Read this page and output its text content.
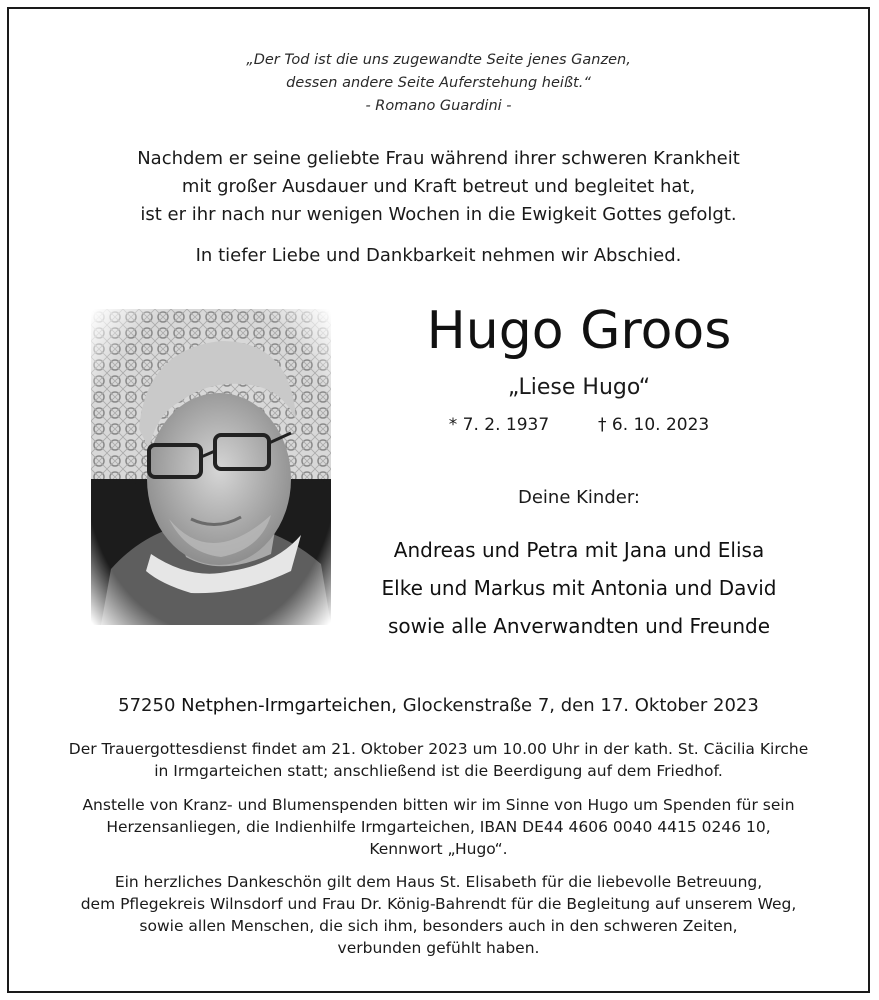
„Der Tod ist die uns zugewandte Seite jenes Ganzen,
dessen andere Seite Auferstehung heißt.“
- Romano Guardini -
Nachdem er seine geliebte Frau während ihrer schweren Krankheit
mit großer Ausdauer und Kraft betreut und begleitet hat,
ist er ihr nach nur wenigen Wochen in die Ewigkeit Gottes gefolgt.
In tiefer Liebe und Dankbarkeit nehmen wir Abschied.
Hugo Groos
„Liese Hugo“
* 7. 2. 1937	† 6. 10. 2023
Deine Kinder:
Andreas und Petra mit Jana und Elisa
Elke und Markus mit Antonia und David
sowie alle Anverwandten und Freunde
57250 Netphen-Irmgarteichen, Glockenstraße 7, den 17. Oktober 2023
Der Trauergottesdienst findet am 21. Oktober 2023 um 10.00 Uhr in der kath. St. Cäcilia Kirche
in Irmgarteichen statt; anschließend ist die Beerdigung auf dem Friedhof.
Anstelle von Kranz- und Blumenspenden bitten wir im Sinne von Hugo um Spenden für sein
Herzensanliegen, die Indienhilfe Irmgarteichen, IBAN DE44 4606 0040 4415 0246 10,
Kennwort „Hugo“.
Ein herzliches Dankeschön gilt dem Haus St. Elisabeth für die liebevolle Betreuung,
dem Pflegekreis Wilnsdorf und Frau Dr. König-Bahrendt für die Begleitung auf unserem Weg,
sowie allen Menschen, die sich ihm, besonders auch in den schweren Zeiten,
verbunden gefühlt haben.
